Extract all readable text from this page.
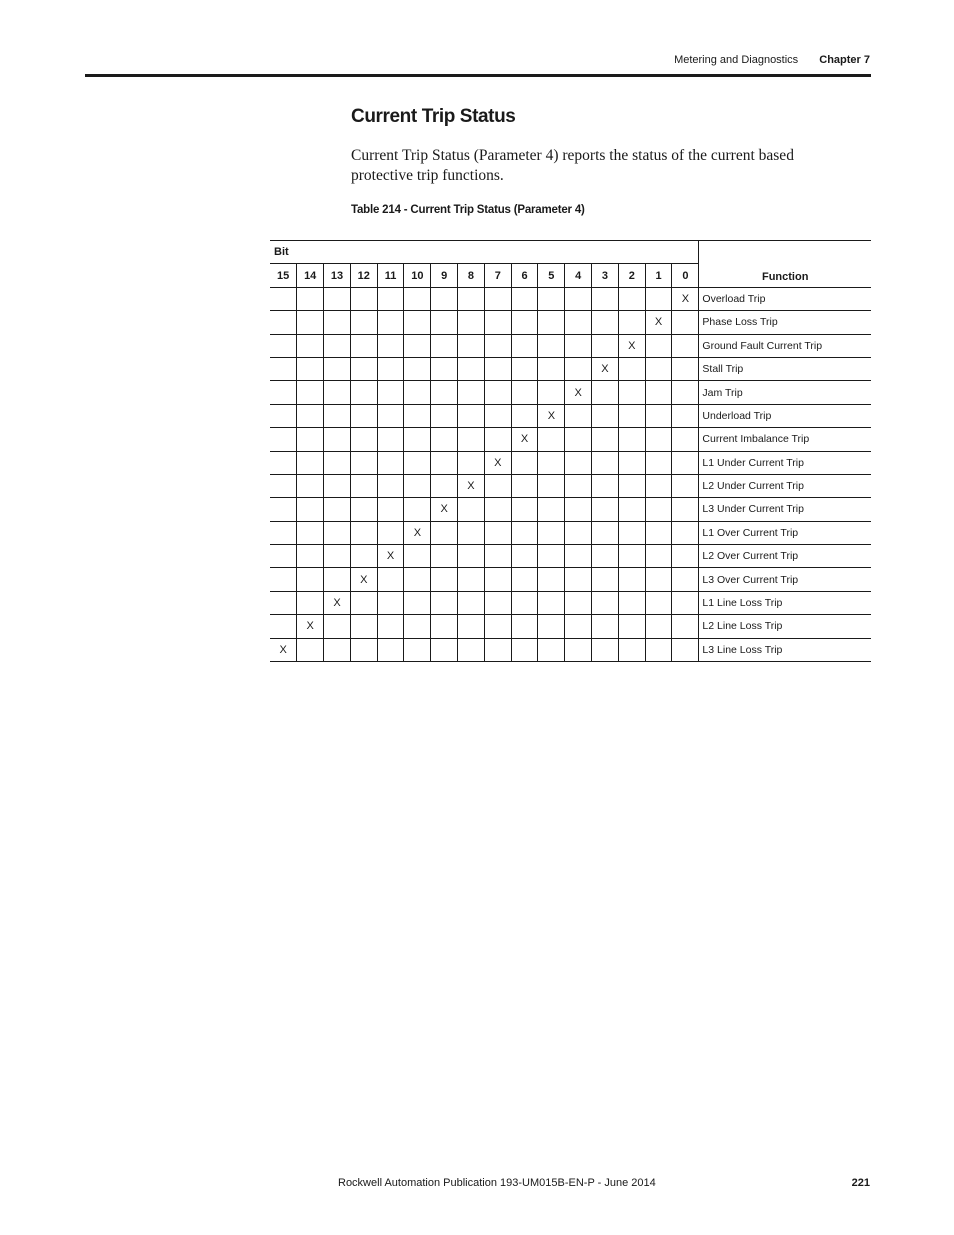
Metering and Diagnostics Chapter 7
Current Trip Status

Current Trip Status (Parameter 4) reports the status of the current based protective trip functions.

Table 214 - Current Trip Status (Parameter 4)
Bit																Function
15	14	13	12	11	10	9	8	7	6	5	4	3	2	1	0	
															X	Overload Trip
														X		Phase Loss Trip
													X			Ground Fault Current Trip
												X				Stall Trip
											X					Jam Trip
										X						Underload Trip
									X							Current Imbalance Trip
								X								L1 Under Current Trip
							X									L2 Under Current Trip
						X										L3 Under Current Trip
					X											L1 Over Current Trip
				X												L2 Over Current Trip
			X													L3 Over Current Trip
		X														L1 Line Loss Trip
	X															L2 Line Loss Trip
X																L3 Line Loss Trip
Rockwell Automation Publication 193-UM015B-EN-P - June 2014	221
